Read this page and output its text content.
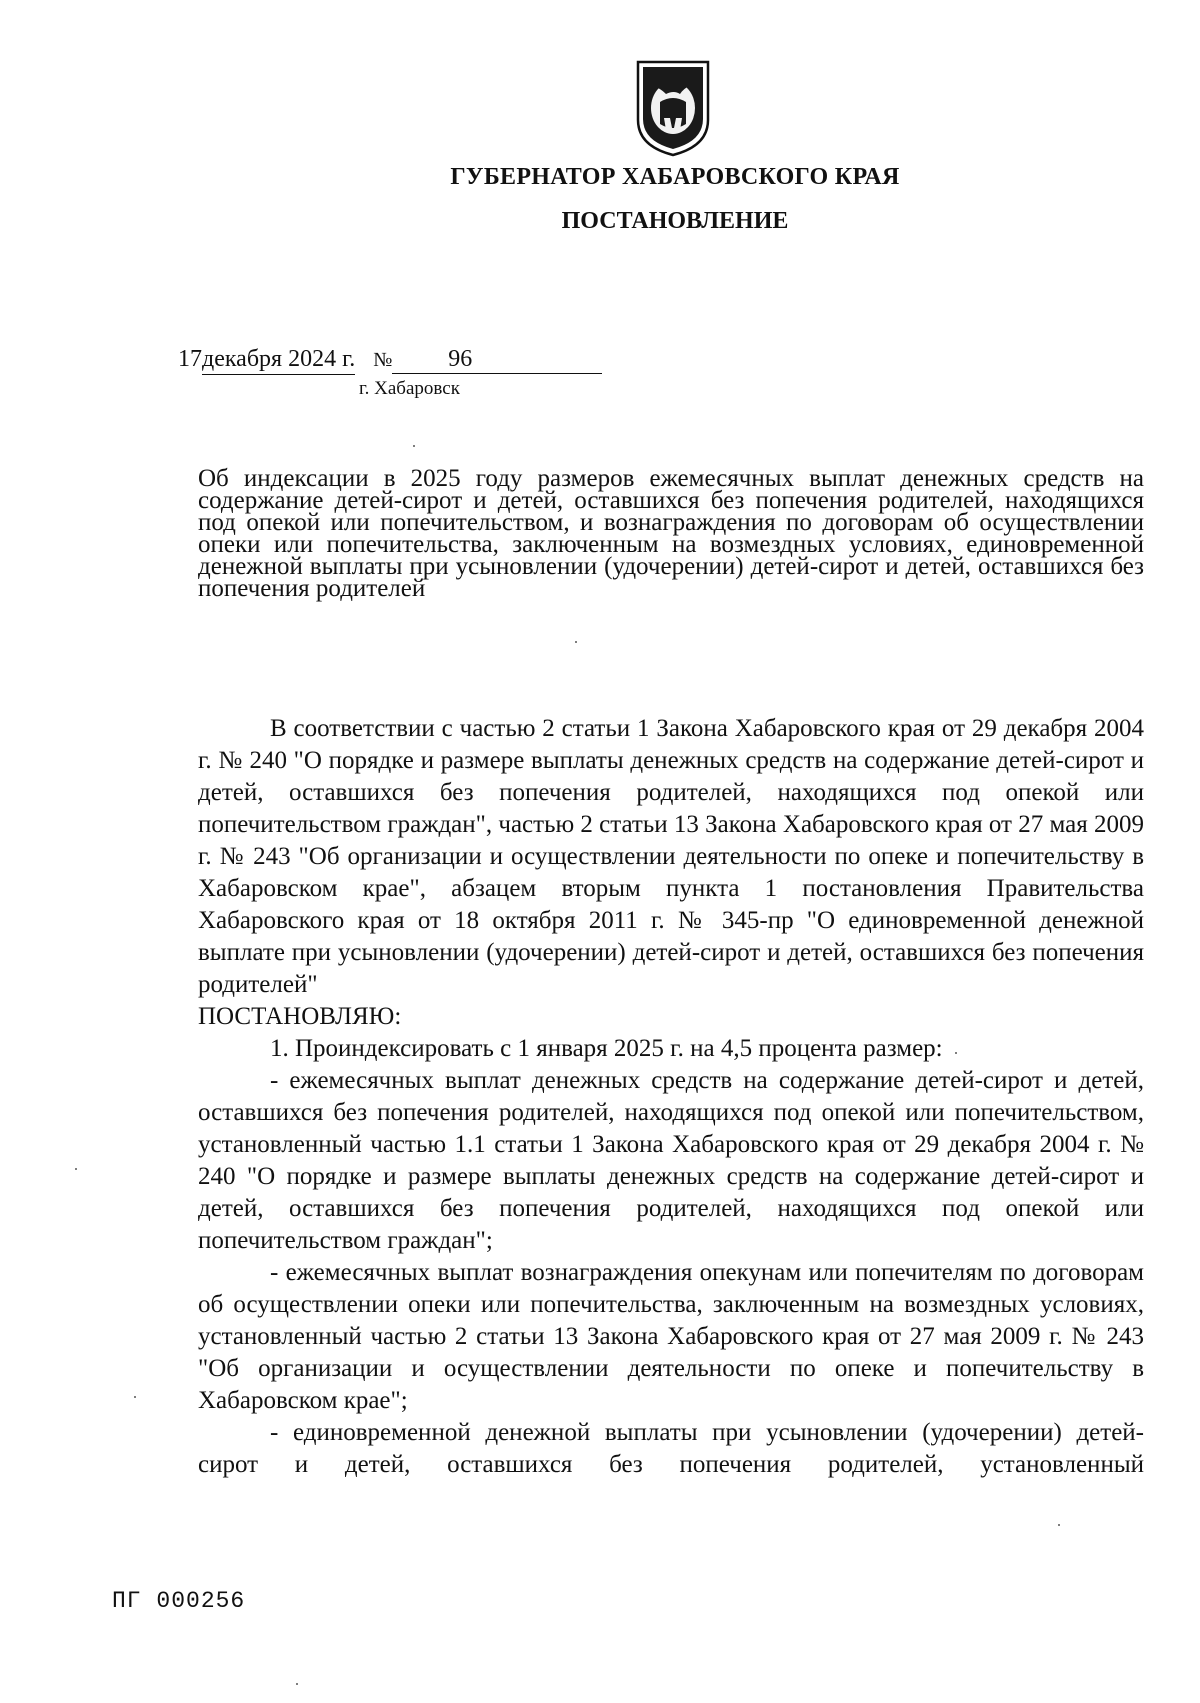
ГУБЕРНАТОР ХАБАРОВСКОГО КРАЯ
ПОСТАНОВЛЕНИЕ
17декабря 2024 г. № 96
г. Хабаровск
Об индексации в 2025 году размеров ежемесячных выплат денежных средств на содержание детей-сирот и детей, оставшихся без попечения родителей, находящихся под опекой или попечительством, и вознаграждения по договорам об осуществлении опеки или попечительства, заключенным на возмездных условиях, единовременной денежной выплаты при усыновлении (удочерении) детей-сирот и детей, оставшихся без попечения родителей

В соответствии с частью 2 статьи 1 Закона Хабаровского края от 29 декабря 2004 г. № 240 "О порядке и размере выплаты денежных средств на содержание детей-сирот и детей, оставшихся без попечения родителей, находящихся под опекой или попечительством граждан", частью 2 статьи 13 Закона Хабаровского края от 27 мая 2009 г. № 243 "Об организации и осуществлении деятельности по опеке и попечительству в Хабаровском крае", абзацем вторым пункта 1 постановления Правительства Хабаровского края от 18 октября 2011 г. № 345-пр "О единовременной денежной выплате при усыновлении (удочерении) детей-сирот и детей, оставшихся без попечения родителей"

ПОСТАНОВЛЯЮ:

1. Проиндексировать с 1 января 2025 г. на 4,5 процента размер:

- ежемесячных выплат денежных средств на содержание детей-сирот и детей, оставшихся без попечения родителей, находящихся под опекой или попечительством, установленный частью 1.1 статьи 1 Закона Хабаровского края от 29 декабря 2004 г. № 240 "О порядке и размере выплаты денежных средств на содержание детей-сирот и детей, оставшихся без попечения родителей, находящихся под опекой или попечительством граждан";

- ежемесячных выплат вознаграждения опекунам или попечителям по договорам об осуществлении опеки или попечительства, заключенным на возмездных условиях, установленный частью 2 статьи 13 Закона Хабаровского края от 27 мая 2009 г. № 243 "Об организации и осуществлении деятельности по опеке и попечительству в Хабаровском крае";

- единовременной денежной выплаты при усыновлении (удочерении) детей-сирот и детей, оставшихся без попечения родителей, установленный

ПГ 000256
